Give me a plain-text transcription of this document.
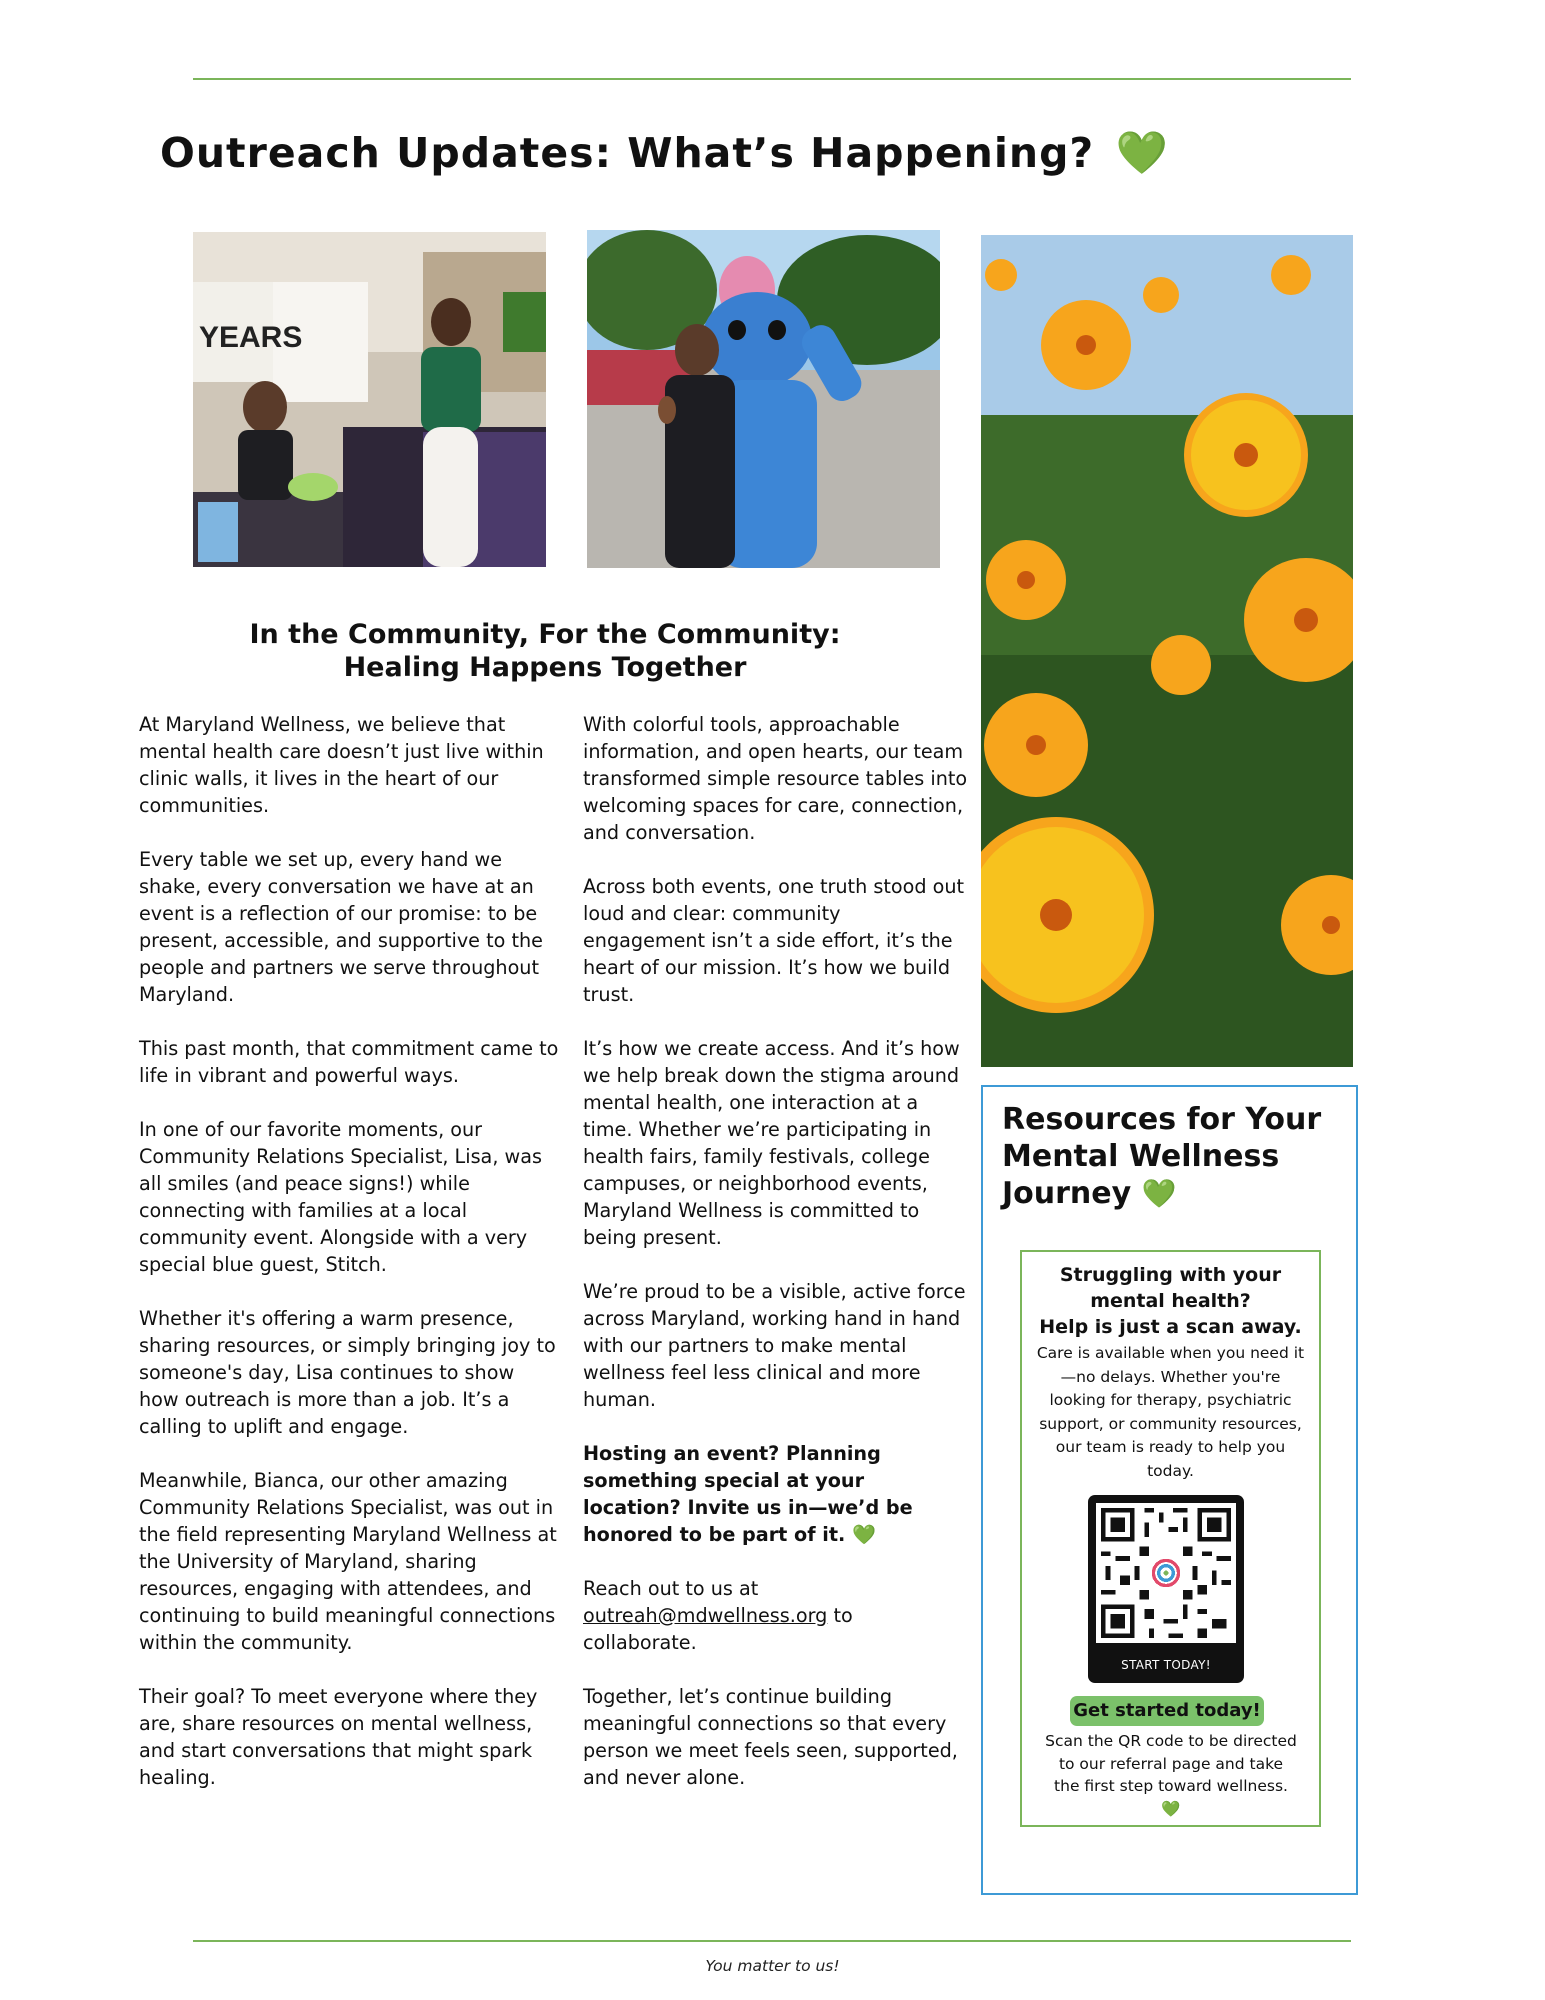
Outreach Updates: What’s Happening? 💚
YEARS
In the Community, For the Community:
Healing Happens Together

At Maryland Wellness, we believe that mental health care doesn’t just live within clinic walls, it lives in the heart of our communities.

Every table we set up, every hand we shake, every conversation we have at an event is a reflection of our promise: to be present, accessible, and supportive to the people and partners we serve throughout Maryland.

This past month, that commitment came to life in vibrant and powerful ways.

In one of our favorite moments, our Community Relations Specialist, Lisa, was all smiles (and peace signs!) while connecting with families at a local community event. Alongside with a very special blue guest, Stitch.

Whether it's offering a warm presence, sharing resources, or simply bringing joy to someone's day, Lisa continues to show how outreach is more than a job. It’s a calling to uplift and engage.

Meanwhile, Bianca, our other amazing Community Relations Specialist, was out in the field representing Maryland Wellness at the University of Maryland, sharing resources, engaging with attendees, and continuing to build meaningful connections within the community.

Their goal? To meet everyone where they are, share resources on mental wellness, and start conversations that might spark healing.

With colorful tools, approachable information, and open hearts, our team transformed simple resource tables into welcoming spaces for care, connection, and conversation.

Across both events, one truth stood out loud and clear: community engagement isn’t a side effort, it’s the heart of our mission. It’s how we build trust.

It’s how we create access. And it’s how we help break down the stigma around mental health, one interaction at a time. Whether we’re participating in health fairs, family festivals, college campuses, or neighborhood events, Maryland Wellness is committed to being present.

We’re proud to be a visible, active force across Maryland, working hand in hand with our partners to make mental wellness feel less clinical and more human.

Hosting an event? Planning something special at your location? Invite us in—we’d be honored to be part of it. 💚

Reach out to us at
outreah@mdwellness.org to collaborate.

Together, let’s continue building meaningful connections so that every person we meet feels seen, supported, and never alone.

Resources for Your Mental Wellness Journey 💚
Struggling with your mental health?
Help is just a scan away.
Care is available when you need it—no delays. Whether you're looking for therapy, psychiatric support, or community resources, our team is ready to help you today.
START TODAY!
Get started today!
Scan the QR code to be directed to our referral page and take the first step toward wellness. 💚
You matter to us!
